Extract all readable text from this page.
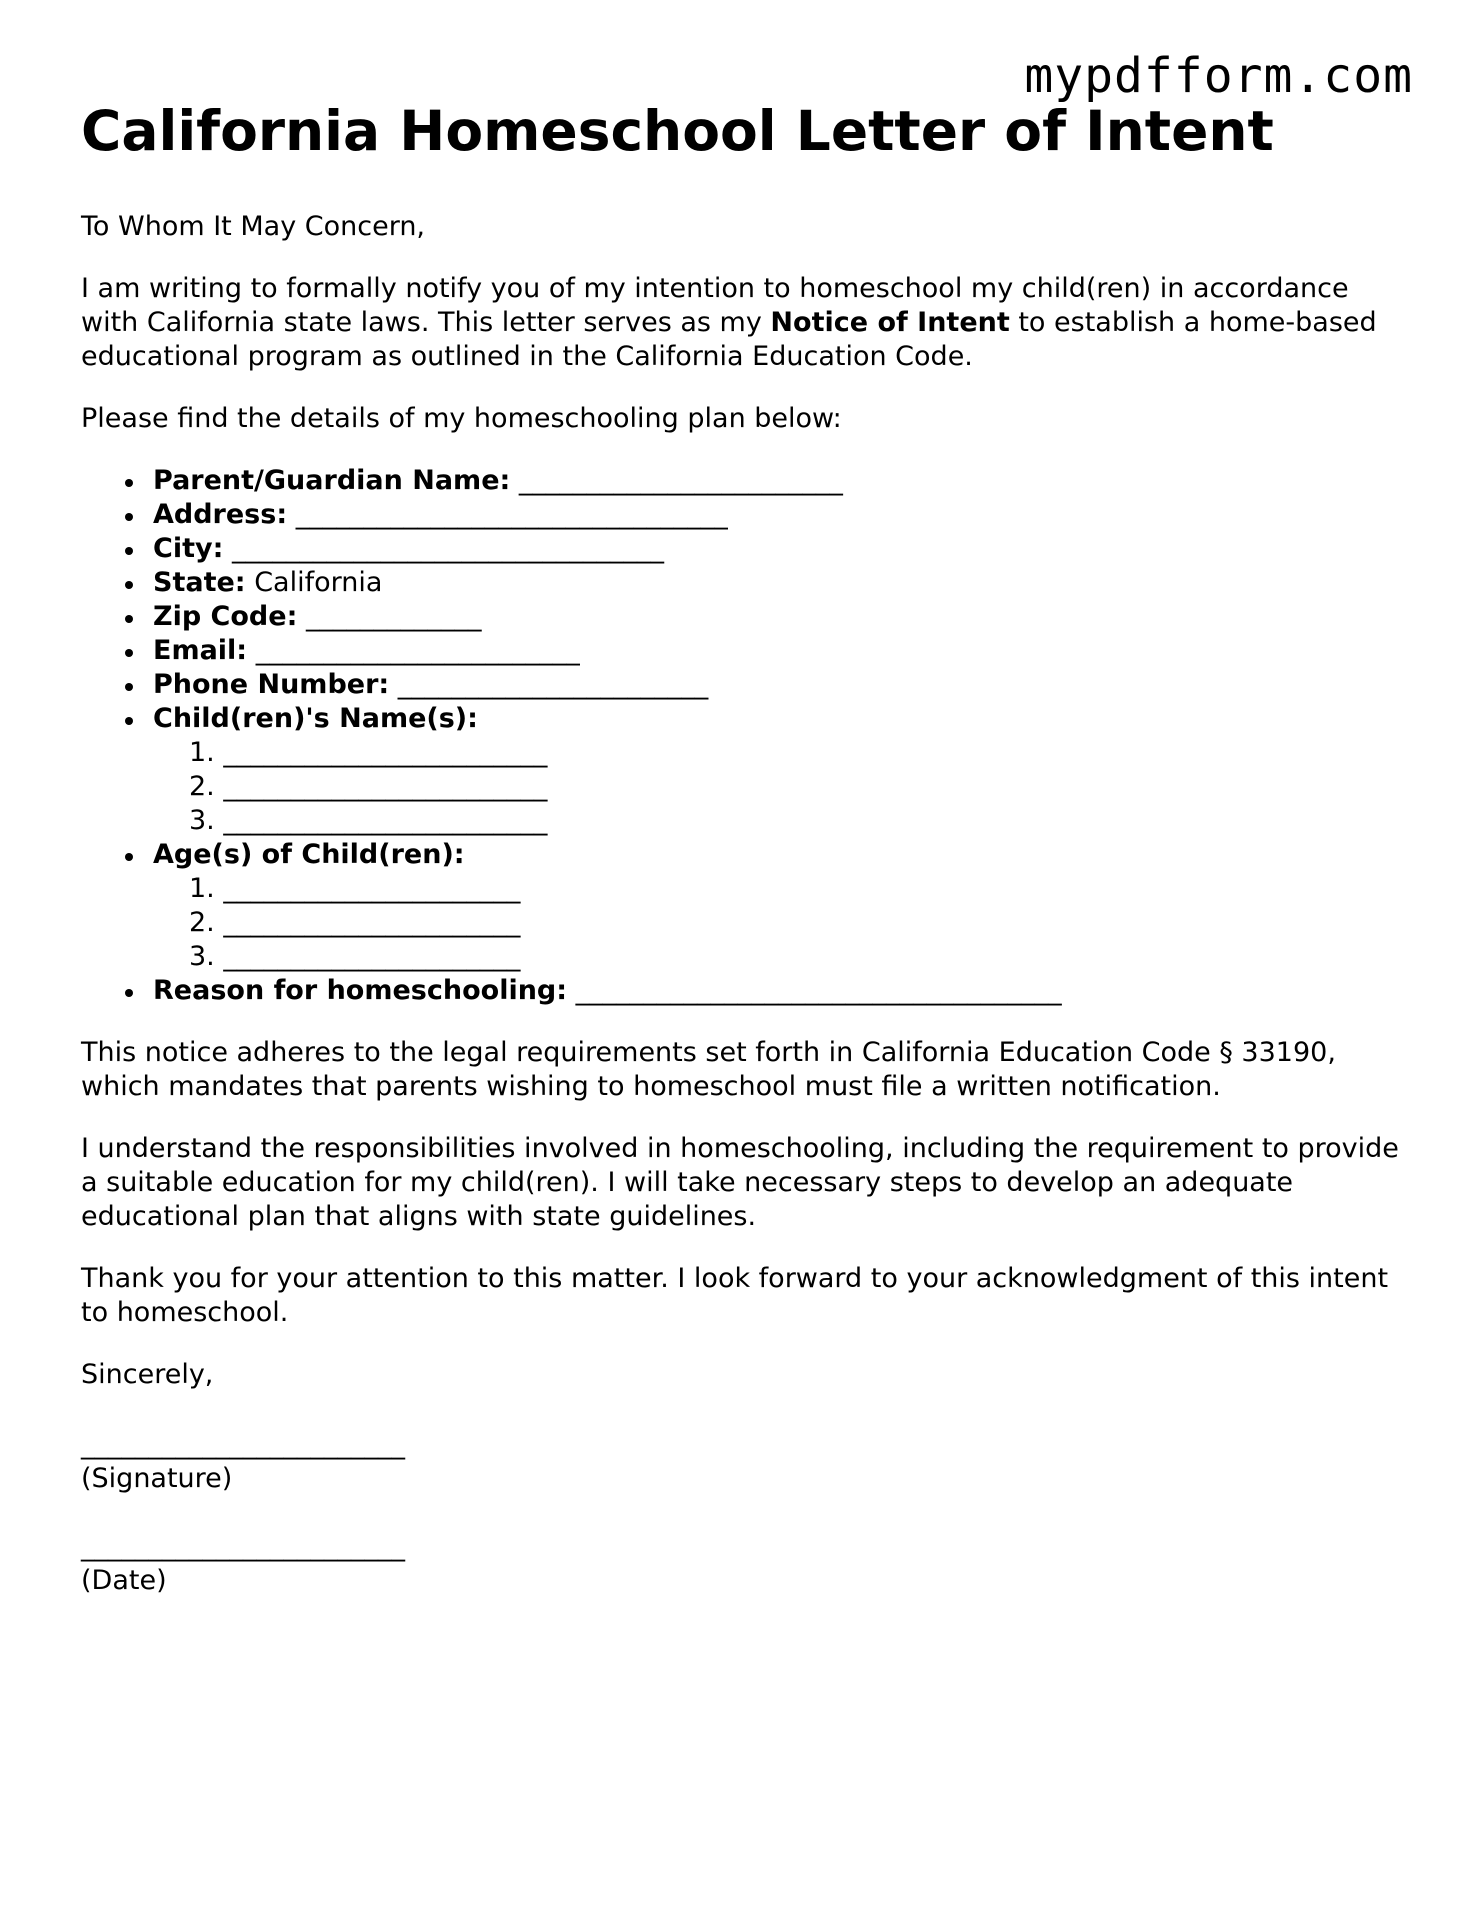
mypdfform.com
California Homeschool Letter of Intent

To Whom It May Concern,

I am writing to formally notify you of my intention to homeschool my child(ren) in accordance with California state laws. This letter serves as my Notice of Intent to establish a home-based educational program as outlined in the California Education Code.

Please find the details of my homeschooling plan below:

Parent/Guardian Name: ________________________
Address: ________________________________
City: ________________________________
State: California
Zip Code: _____________
Email: ________________________
Phone Number: _______________________
Child(ren)'s Name(s):
1. ________________________
2. ________________________
3. ________________________
Age(s) of Child(ren):
1. ______________________
2. ______________________
3. ______________________
Reason for homeschooling: ____________________________________

This notice adheres to the legal requirements set forth in California Education Code § 33190, which mandates that parents wishing to homeschool must file a written notification.

I understand the responsibilities involved in homeschooling, including the requirement to provide a suitable education for my child(ren). I will take necessary steps to develop an adequate educational plan that aligns with state guidelines.

Thank you for your attention to this matter. I look forward to your acknowledgment of this intent to homeschool.

Sincerely,

________________________
(Signature)
________________________
(Date)
